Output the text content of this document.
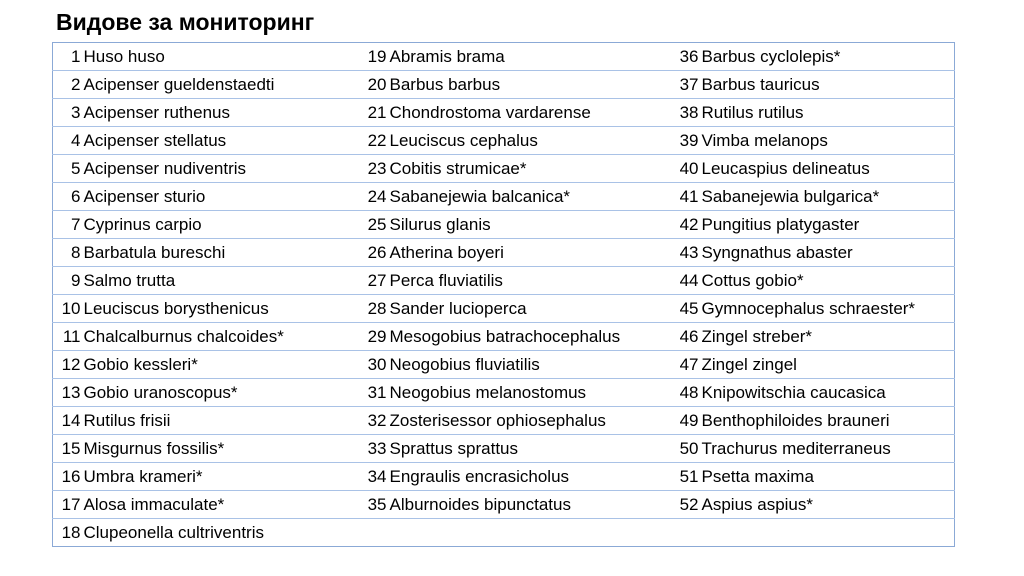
Видове за мониторинг
1	Huso huso	19	Abramis brama	36	Barbus cyclolepis*
2	Acipenser gueldenstaedti	20	Barbus barbus	37	Barbus tauricus
3	Acipenser ruthenus	21	Chondrostoma vardarense	38	Rutilus rutilus
4	Acipenser stellatus	22	Leuciscus cephalus	39	Vimba melanops
5	Acipenser nudiventris	23	Cobitis strumicae*	40	Leucaspius delineatus
6	Acipenser sturio	24	Sabanejewia balcanica*	41	Sabanejewia bulgarica*
7	Cyprinus carpio	25	Silurus glanis	42	Pungitius platygaster
8	Barbatula bureschi	26	Atherina boyeri	43	Syngnathus abaster
9	Salmo trutta	27	Perca fluviatilis	44	Cottus gobio*
10	Leuciscus borysthenicus	28	Sander lucioperca	45	Gymnocephalus schraester*
11	Chalcalburnus chalcoides*	29	Mesogobius batrachocephalus	46	Zingel streber*
12	Gobio kessleri*	30	Neogobius fluviatilis	47	Zingel zingel
13	Gobio uranoscopus*	31	Neogobius melanostomus	48	Knipowitschia caucasica
14	Rutilus frisii	32	Zosterisessor ophiosephalus	49	Benthophiloides brauneri
15	Misgurnus fossilis*	33	Sprattus sprattus	50	Trachurus mediterraneus
16	Umbra krameri*	34	Engraulis encrasicholus	51	Psetta maxima
17	Alosa immaculate*	35	Alburnoides bipunctatus	52	Aspius aspius*
18	Clupeonella cultriventris				
